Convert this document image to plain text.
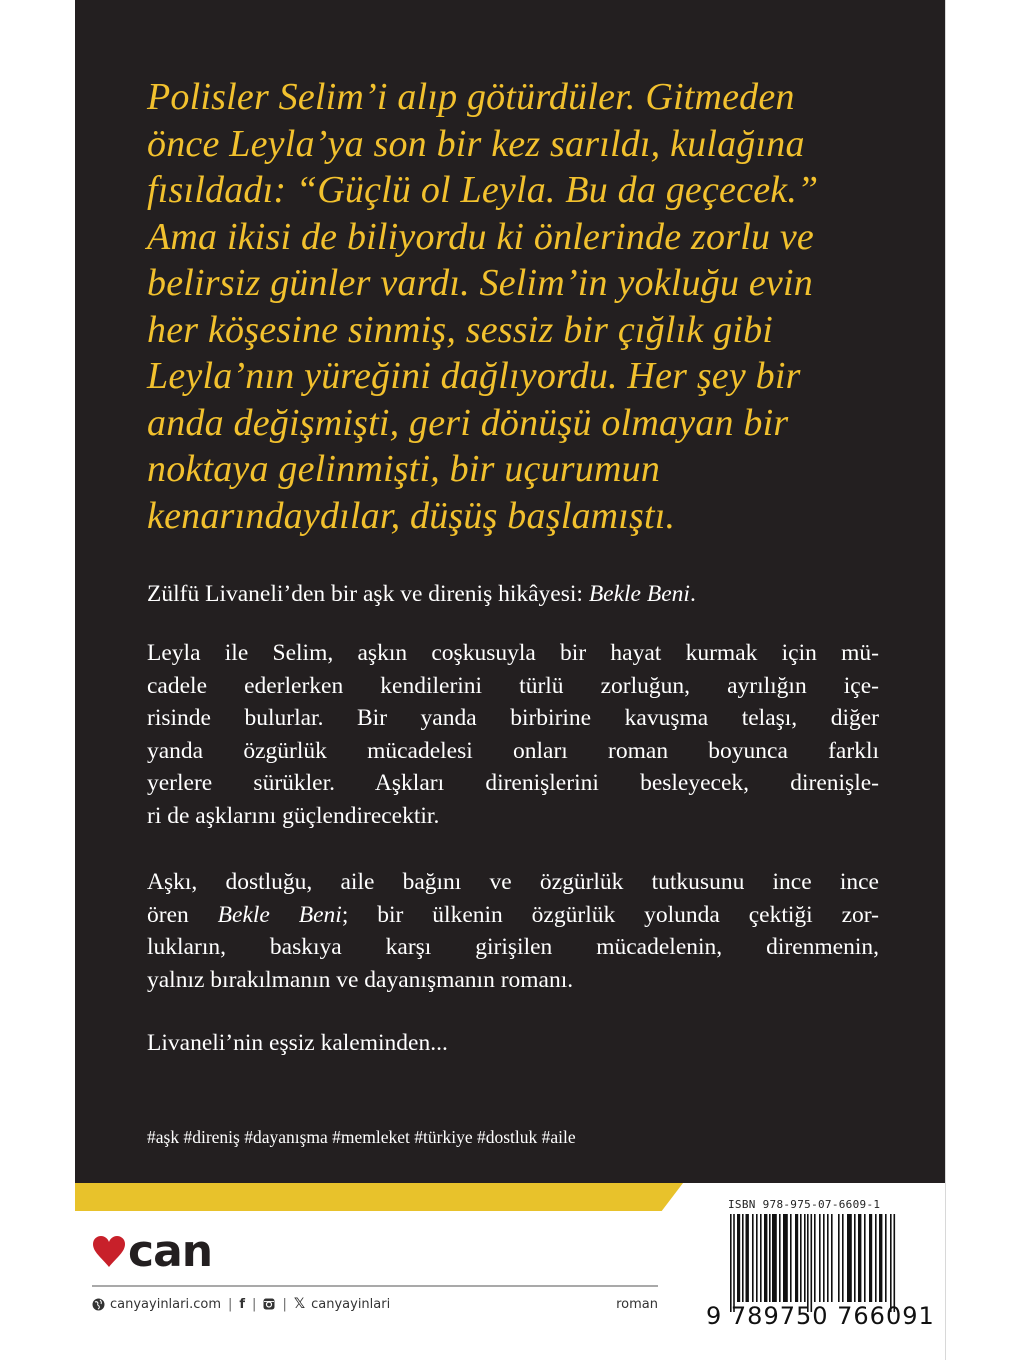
Polisler Selim’i alıp götürdüler. Gitmeden
önce Leyla’ya son bir kez sarıldı, kulağına
fısıldadı: “Güçlü ol Leyla. Bu da geçecek.”
Ama ikisi de biliyordu ki önlerinde zorlu ve
belirsiz günler vardı. Selim’in yokluğu evin
her köşesine sinmiş, sessiz bir çığlık gibi
Leyla’nın yüreğini dağlıyordu. Her şey bir
anda değişmişti, geri dönüşü olmayan bir
noktaya gelinmişti, bir uçurumun
kenarındaydılar, düşüş başlamıştı.
Zülfü Livaneli’den bir aşk ve direniş hikâyesi: Bekle Beni.
Leyla ile Selim, aşkın coşkusuyla bir hayat kurmak için mü-
cadele ederlerken kendilerini türlü zorluğun, ayrılığın içe-
risinde bulurlar. Bir yanda birbirine kavuşma telaşı, diğer
yanda özgürlük mücadelesi onları roman boyunca farklı
yerlere sürükler. Aşkları direnişlerini besleyecek, direnişle-
ri de aşklarını güçlendirecektir.
Aşkı, dostluğu, aile bağını ve özgürlük tutkusunu ince ince
ören Bekle Beni; bir ülkenin özgürlük yolunda çektiği zor-
lukların, baskıya karşı girişilen mücadelenin, direnmenin,
yalnız bırakılmanın ve dayanışmanın romanı.
Livaneli’nin eşsiz kaleminden...
#aşk #direniş #dayanışma #memleket #türkiye #dostluk #aile
can
canyayinlari.com | f | | 𝕏 canyayinlari	roman
ISBN 978-975-07-6609-1
9 789750 766091
